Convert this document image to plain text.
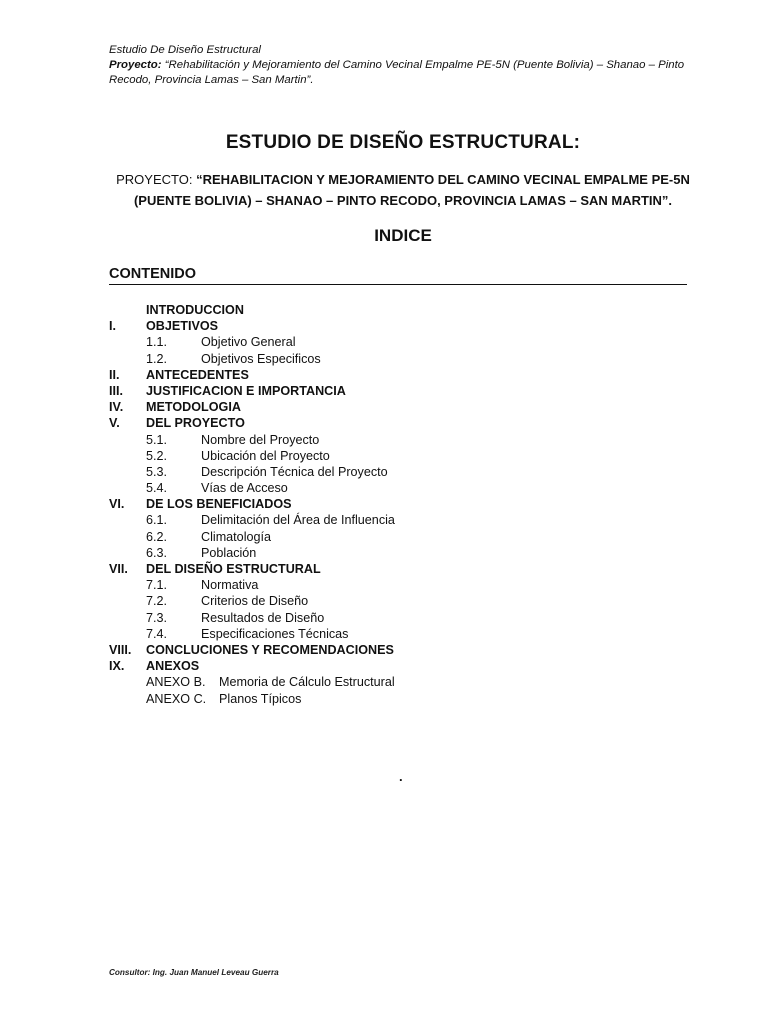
Estudio De Diseño Estructural
Proyecto: “Rehabilitación y Mejoramiento del Camino Vecinal Empalme PE-5N (Puente Bolivia) – Shanao – Pinto Recodo, Provincia Lamas – San Martin”.
ESTUDIO DE DISEÑO ESTRUCTURAL:
PROYECTO: “REHABILITACION Y MEJORAMIENTO DEL CAMINO VECINAL EMPALME PE-5N
(PUENTE BOLIVIA) – SHANAO – PINTO RECODO, PROVINCIA LAMAS – SAN MARTIN”.
INDICE
CONTENIDO
INTRODUCCION
I. OBJETIVOS
1.1.	Objetivo General
1.2.	Objetivos Especificos
II. ANTECEDENTES
III. JUSTIFICACION E IMPORTANCIA
IV. METODOLOGIA
V. DEL PROYECTO
5.1.	Nombre del Proyecto
5.2.	Ubicación del Proyecto
5.3.	Descripción Técnica del Proyecto
5.4.	Vías de Acceso
VI. DE LOS BENEFICIADOS
6.1.	Delimitación del Área de Influencia
6.2.	Climatología
6.3.	Población
VII. DEL DISEÑO ESTRUCTURAL
7.1.	Normativa
7.2.	Criterios de Diseño
7.3.	Resultados de Diseño
7.4.	Especificaciones Técnicas
VIII. CONCLUCIONES Y RECOMENDACIONES
IX. ANEXOS
ANEXO B. Memoria de Cálculo Estructural
ANEXO C. Planos Típicos
.
Consultor: Ing. Juan Manuel Leveau Guerra
